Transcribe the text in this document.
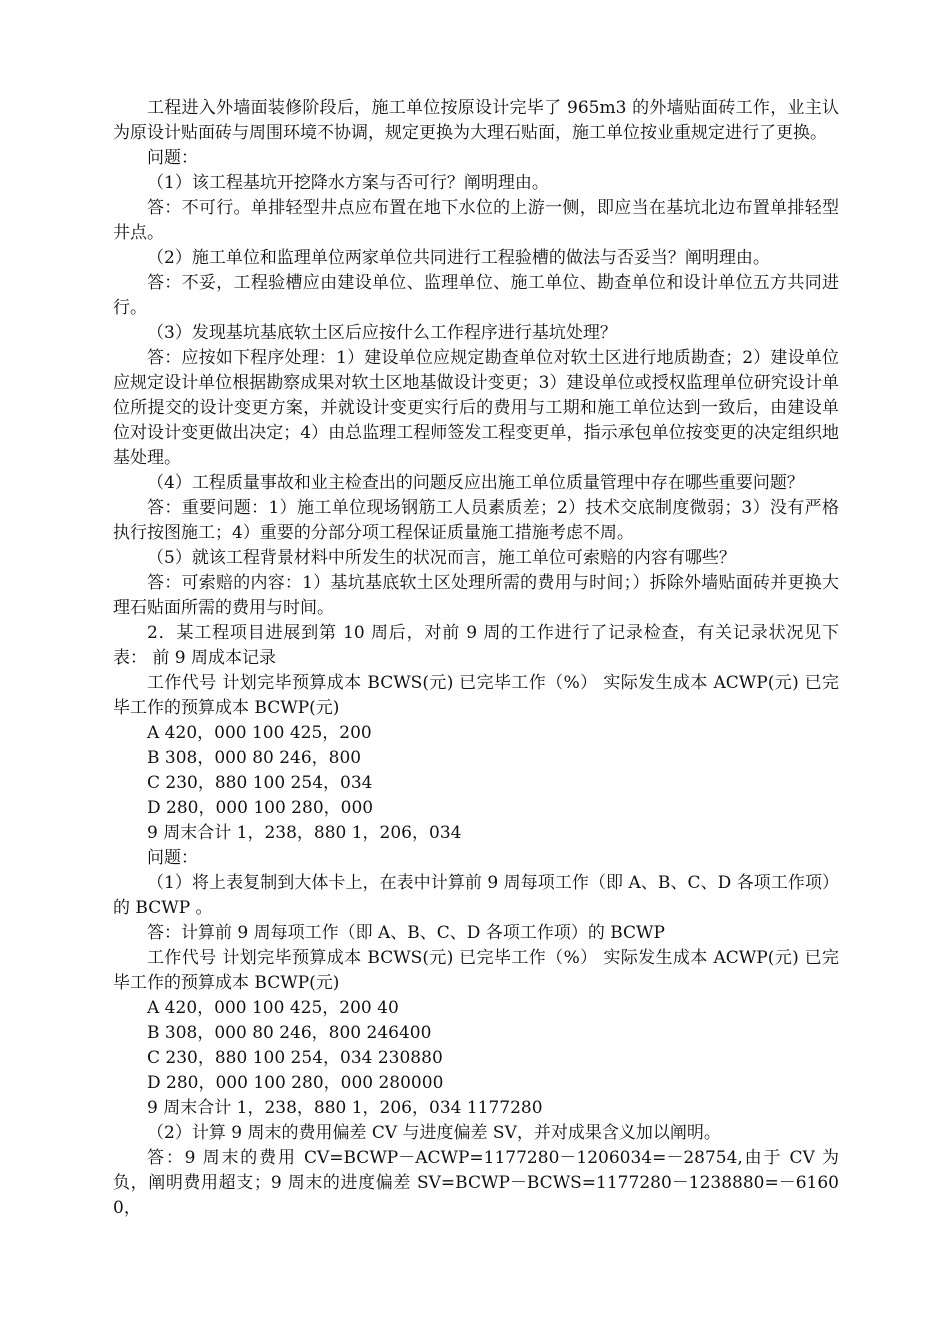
工程进入外墙面装修阶段后，施工单位按原设计完毕了 965m3 的外墙贴面砖工作，业主认为原设计贴面砖与周围环境不协调，规定更换为大理石贴面，施工单位按业重规定进行了更换。

问题：

（1）该工程基坑开挖降水方案与否可行？阐明理由。

答：不可行。单排轻型井点应布置在地下水位的上游一侧，即应当在基坑北边布置单排轻型井点。

（2）施工单位和监理单位两家单位共同进行工程验槽的做法与否妥当？阐明理由。

答：不妥，工程验槽应由建设单位、监理单位、施工单位、勘查单位和设计单位五方共同进行。

（3）发现基坑基底软土区后应按什么工作程序进行基坑处理？

答：应按如下程序处理：1）建设单位应规定勘查单位对软土区进行地质勘查；2）建设单位应规定设计单位根据勘察成果对软土区地基做设计变更；3）建设单位或授权监理单位研究设计单位所提交的设计变更方案，并就设计变更实行后的费用与工期和施工单位达到一致后，由建设单位对设计变更做出决定；4）由总监理工程师签发工程变更单，指示承包单位按变更的决定组织地基处理。

（4）工程质量事故和业主检查出的问题反应出施工单位质量管理中存在哪些重要问题？

答：重要问题：1）施工单位现场钢筋工人员素质差；2）技术交底制度微弱；3）没有严格执行按图施工；4）重要的分部分项工程保证质量施工措施考虑不周。

（5）就该工程背景材料中所发生的状况而言，施工单位可索赔的内容有哪些？

答：可索赔的内容：1）基坑基底软土区处理所需的费用与时间；）拆除外墙贴面砖并更换大理石贴面所需的费用与时间。

2．某工程项目进展到第 10 周后，对前 9 周的工作进行了记录检查，有关记录状况见下表： 前 9 周成本记录

工作代号 计划完毕预算成本 BCWS(元) 已完毕工作（%） 实际发生成本 ACWP(元) 已完毕工作的预算成本 BCWP(元)

A 420，000 100 425，200

B 308，000 80 246，800

C 230，880 100 254，034

D 280，000 100 280，000

9 周末合计 1，238，880 1，206，034

问题：

（1）将上表复制到大体卡上，在表中计算前 9 周每项工作（即 A、B、C、D 各项工作项）的 BCWP 。

答：计算前 9 周每项工作（即 A、B、C、D 各项工作项）的 BCWP

工作代号 计划完毕预算成本 BCWS(元) 已完毕工作（%） 实际发生成本 ACWP(元) 已完毕工作的预算成本 BCWP(元)

A 420，000 100 425，200 40

B 308，000 80 246，800 246400

C 230，880 100 254，034 230880

D 280，000 100 280，000 280000

9 周末合计 1，238，880 1，206，034 1177280

（2）计算 9 周末的费用偏差 CV 与进度偏差 SV，并对成果含义加以阐明。

答：9 周末的费用 CV=BCWP－ACWP=1177280－1206034=－28754,由于 CV 为负，阐明费用超支；9 周末的进度偏差 SV=BCWP－BCWS=1177280－1238880=－61600，
